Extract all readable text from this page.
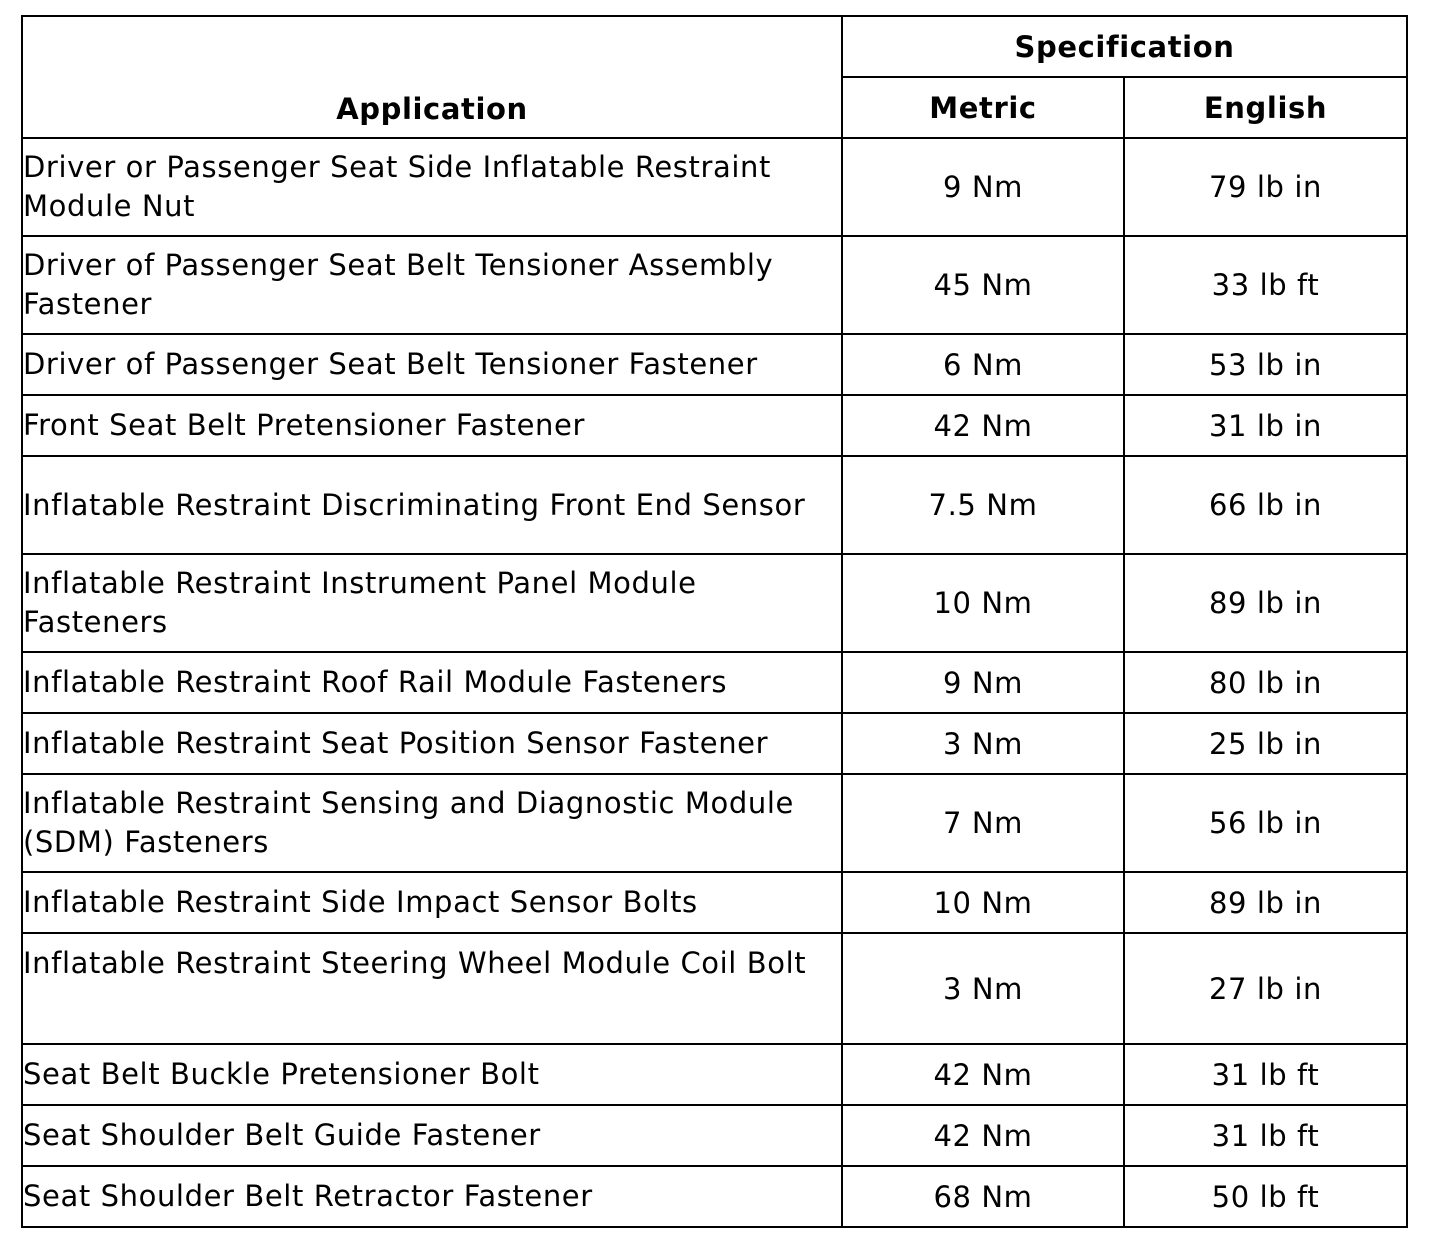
Application	Specification	
	Metric	English
Driver or Passenger Seat Side Inflatable Restraint Module Nut	9 Nm	79 lb in
Driver of Passenger Seat Belt Tensioner Assembly Fastener	45 Nm	33 lb ft
Driver of Passenger Seat Belt Tensioner Fastener	6 Nm	53 lb in
Front Seat Belt Pretensioner Fastener	42 Nm	31 lb in
Inflatable Restraint Discriminating Front End Sensor	7.5 Nm	66 lb in
Inflatable Restraint Instrument Panel Module Fasteners	10 Nm	89 lb in
Inflatable Restraint Roof Rail Module Fasteners	9 Nm	80 lb in
Inflatable Restraint Seat Position Sensor Fastener	3 Nm	25 lb in
Inflatable Restraint Sensing and Diagnostic Module (SDM) Fasteners	7 Nm	56 lb in
Inflatable Restraint Side Impact Sensor Bolts	10 Nm	89 lb in
Inflatable Restraint Steering Wheel Module Coil Bolt	3 Nm	27 lb in
Seat Belt Buckle Pretensioner Bolt	42 Nm	31 lb ft
Seat Shoulder Belt Guide Fastener	42 Nm	31 lb ft
Seat Shoulder Belt Retractor Fastener	68 Nm	50 lb ft
